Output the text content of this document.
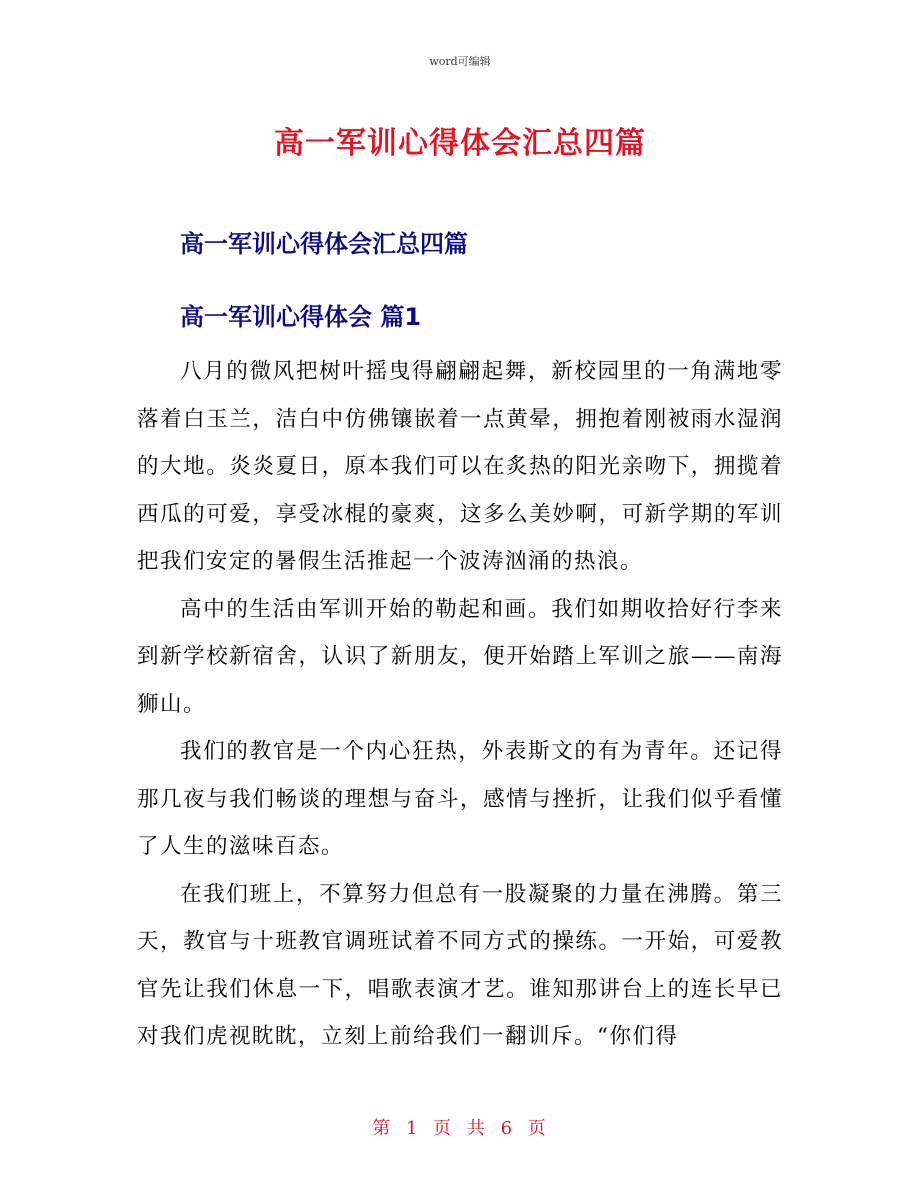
word可编辑
高一军训心得体会汇总四篇
高一军训心得体会汇总四篇
高一军训心得体会 篇1

八月的微风把树叶摇曳得翩翩起舞，新校园里的一角满地零落着白玉兰，洁白中仿佛镶嵌着一点黄晕，拥抱着刚被雨水湿润的大地。炎炎夏日，原本我们可以在炙热的阳光亲吻下，拥揽着西瓜的可爱，享受冰棍的豪爽，这多么美妙啊，可新学期的军训把我们安定的暑假生活推起一个波涛汹涌的热浪。

高中的生活由军训开始的勒起和画。我们如期收拾好行李来到新学校新宿舍，认识了新朋友，便开始踏上军训之旅——南海狮山。

我们的教官是一个内心狂热，外表斯文的有为青年。还记得那几夜与我们畅谈的理想与奋斗，感情与挫折，让我们似乎看懂了人生的滋味百态。

在我们班上，不算努力但总有一股凝聚的力量在沸腾。第三天，教官与十班教官调班试着不同方式的操练。一开始，可爱教官先让我们休息一下，唱歌表演才艺。谁知那讲台上的连长早已对我们虎视眈眈，立刻上前给我们一翻训斥。“你们得

第 1 页 共 6 页
